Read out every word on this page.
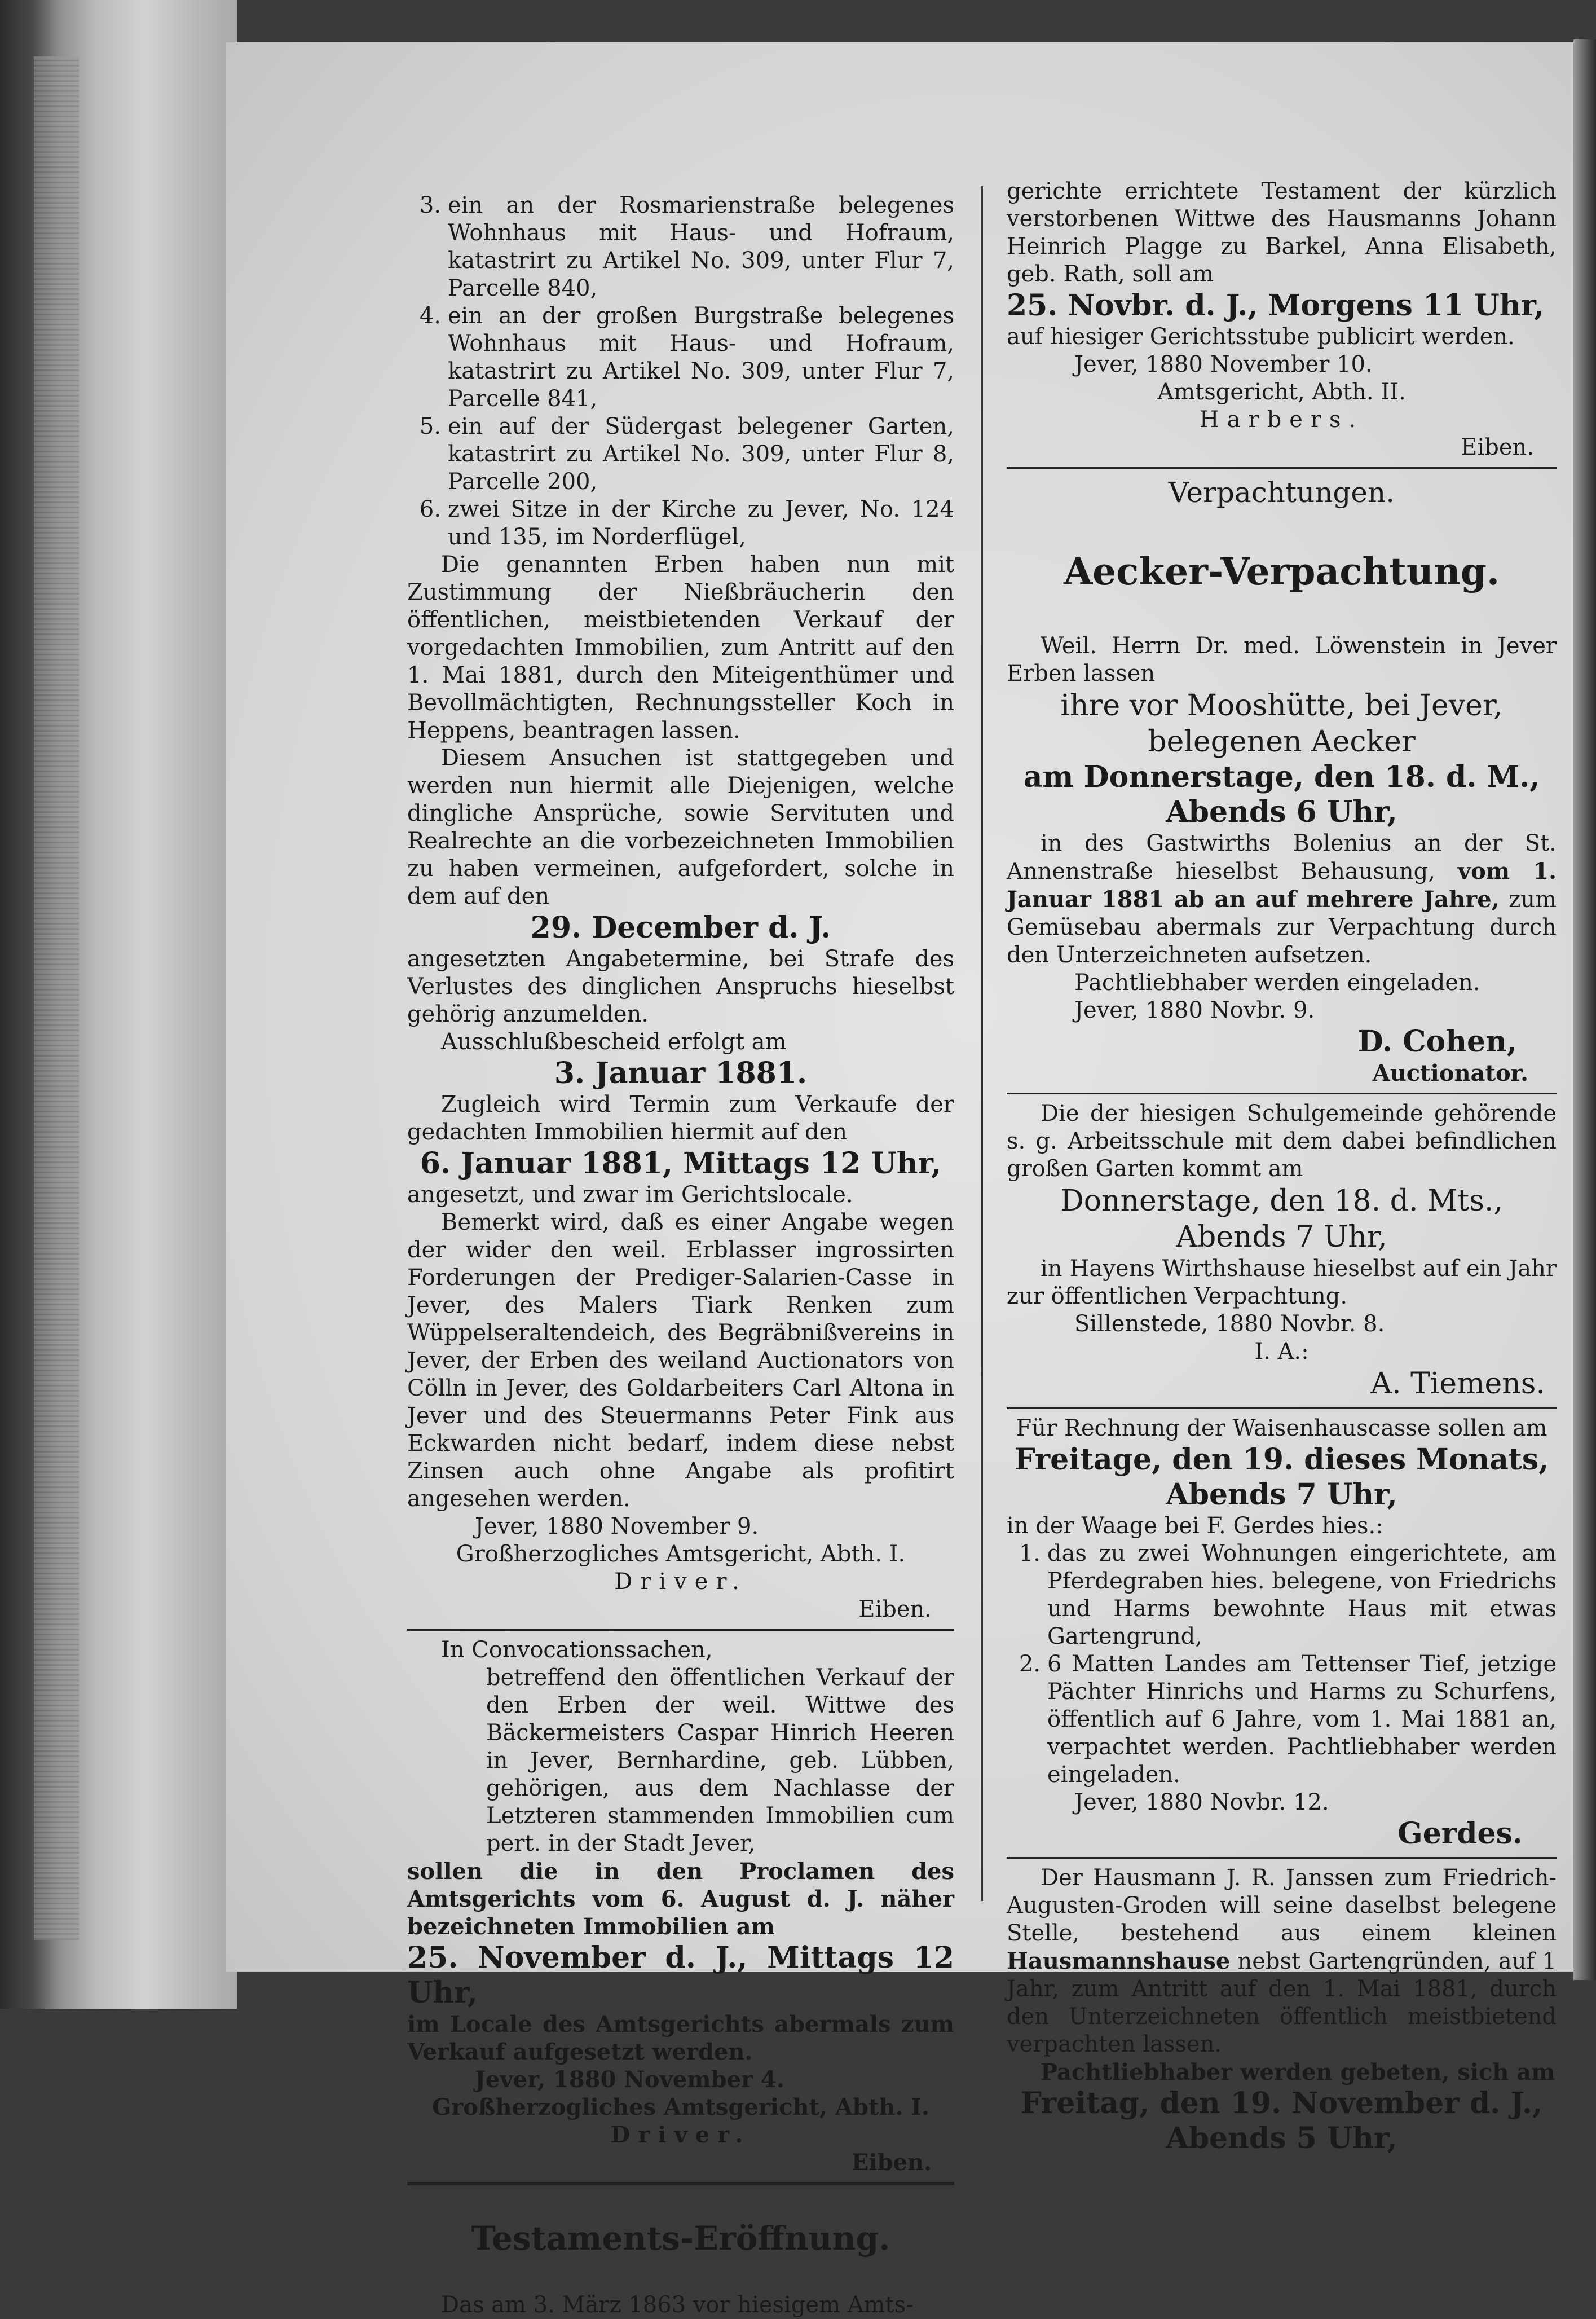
3. ein an der Rosmarienstraße belegenes Wohnhaus mit Haus- und Hofraum, katastrirt zu Artikel No. 309, unter Flur 7, Parcelle 840,
4. ein an der großen Burgstraße belegenes Wohnhaus mit Haus- und Hofraum, katastrirt zu Artikel No. 309, unter Flur 7, Parcelle 841,
5. ein auf der Südergast belegener Garten, katastrirt zu Artikel No. 309, unter Flur 8, Parcelle 200,
6. zwei Sitze in der Kirche zu Jever, No. 124 und 135, im Norderflügel,

Die genannten Erben haben nun mit Zustimmung der Nießbräucherin den öffentlichen, meistbietenden Verkauf der vorgedachten Immobilien, zum Antritt auf den 1. Mai 1881, durch den Miteigenthümer und Bevollmächtigten, Rechnungssteller Koch in Heppens, beantragen lassen.

Diesem Ansuchen ist stattgegeben und werden nun hiermit alle Diejenigen, welche dingliche Ansprüche, sowie Servituten und Realrechte an die vorbezeichneten Immobilien zu haben vermeinen, aufgefordert, solche in dem auf den

29. December d. J.

angesetzten Angabetermine, bei Strafe des Verlustes des dinglichen Anspruchs hieselbst gehörig anzumelden.

Ausschlußbescheid erfolgt am

3. Januar 1881.

Zugleich wird Termin zum Verkaufe der gedachten Immobilien hiermit auf den

6. Januar 1881, Mittags 12 Uhr,

angesetzt, und zwar im Gerichtslocale.

Bemerkt wird, daß es einer Angabe wegen der wider den weil. Erblasser ingrossirten Forderungen der Prediger-Salarien-Casse in Jever, des Malers Tiark Renken zum Wüppelseraltendeich, des Begräbnißvereins in Jever, der Erben des weiland Auctionators von Cölln in Jever, des Goldarbeiters Carl Altona in Jever und des Steuermanns Peter Fink aus Eckwarden nicht bedarf, indem diese nebst Zinsen auch ohne Angabe als profitirt angesehen werden.

Jever, 1880 November 9.

Großherzogliches Amtsgericht, Abth. I.

Driver.

Eiben.

In Convocationssachen,

betreffend den öffentlichen Verkauf der den Erben der weil. Wittwe des Bäckermeisters Caspar Hinrich Heeren in Jever, Bernhardine, geb. Lübben, gehörigen, aus dem Nachlasse der Letzteren stammenden Immobilien cum pert. in der Stadt Jever,

sollen die in den Proclamen des Amtsgerichts vom 6. August d. J. näher bezeichneten Immobilien am

25. November d. J., Mittags 12 Uhr,

im Locale des Amtsgerichts abermals zum Verkauf aufgesetzt werden.

Jever, 1880 November 4.

Großherzogliches Amtsgericht, Abth. I.

Driver.

Eiben.

Testaments-Eröffnung.

Das am 3. März 1863 vor hiesigem Amts-

gerichte errichtete Testament der kürzlich verstorbenen Wittwe des Hausmanns Johann Heinrich Plagge zu Barkel, Anna Elisabeth, geb. Rath, soll am

25. Novbr. d. J., Morgens 11 Uhr,

auf hiesiger Gerichtsstube publicirt werden.

Jever, 1880 November 10.

Amtsgericht, Abth. II.

Harbers.

Eiben.

Verpachtungen.

Aecker-Verpachtung.

Weil. Herrn Dr. med. Löwenstein in Jever Erben lassen

ihre vor Mooshütte, bei Jever,

belegenen Aecker

am Donnerstage, den 18. d. M.,

Abends 6 Uhr,

in des Gastwirths Bolenius an der St. Annenstraße hieselbst Behausung, vom 1. Januar 1881 ab an auf mehrere Jahre, zum Gemüsebau abermals zur Verpachtung durch den Unterzeichneten aufsetzen.

Pachtliebhaber werden eingeladen.

Jever, 1880 Novbr. 9.

D. Cohen,

Auctionator.

Die der hiesigen Schulgemeinde gehörende s. g. Arbeitsschule mit dem dabei befindlichen großen Garten kommt am

Donnerstage, den 18. d. Mts.,

Abends 7 Uhr,

in Hayens Wirthshause hieselbst auf ein Jahr zur öffentlichen Verpachtung.

Sillenstede, 1880 Novbr. 8.

I. A.:

A. Tiemens.

Für Rechnung der Waisenhauscasse sollen am

Freitage, den 19. dieses Monats,

Abends 7 Uhr,

in der Waage bei F. Gerdes hies.:

1. das zu zwei Wohnungen eingerichtete, am Pferdegraben hies. belegene, von Friedrichs und Harms bewohnte Haus mit etwas Gartengrund,
2. 6 Matten Landes am Tettenser Tief, jetzige Pächter Hinrichs und Harms zu Schurfens, öffentlich auf 6 Jahre, vom 1. Mai 1881 an, verpachtet werden. Pachtliebhaber werden eingeladen.

Jever, 1880 Novbr. 12.

Gerdes.

Der Hausmann J. R. Janssen zum Friedrich-Augusten-Groden will seine daselbst belegene Stelle, bestehend aus einem kleinen Hausmannshause nebst Gartengründen, auf 1 Jahr, zum Antritt auf den 1. Mai 1881, durch den Unterzeichneten öffentlich meistbietend verpachten lassen.

Pachtliebhaber werden gebeten, sich am

Freitag, den 19. November d. J.,

Abends 5 Uhr,
